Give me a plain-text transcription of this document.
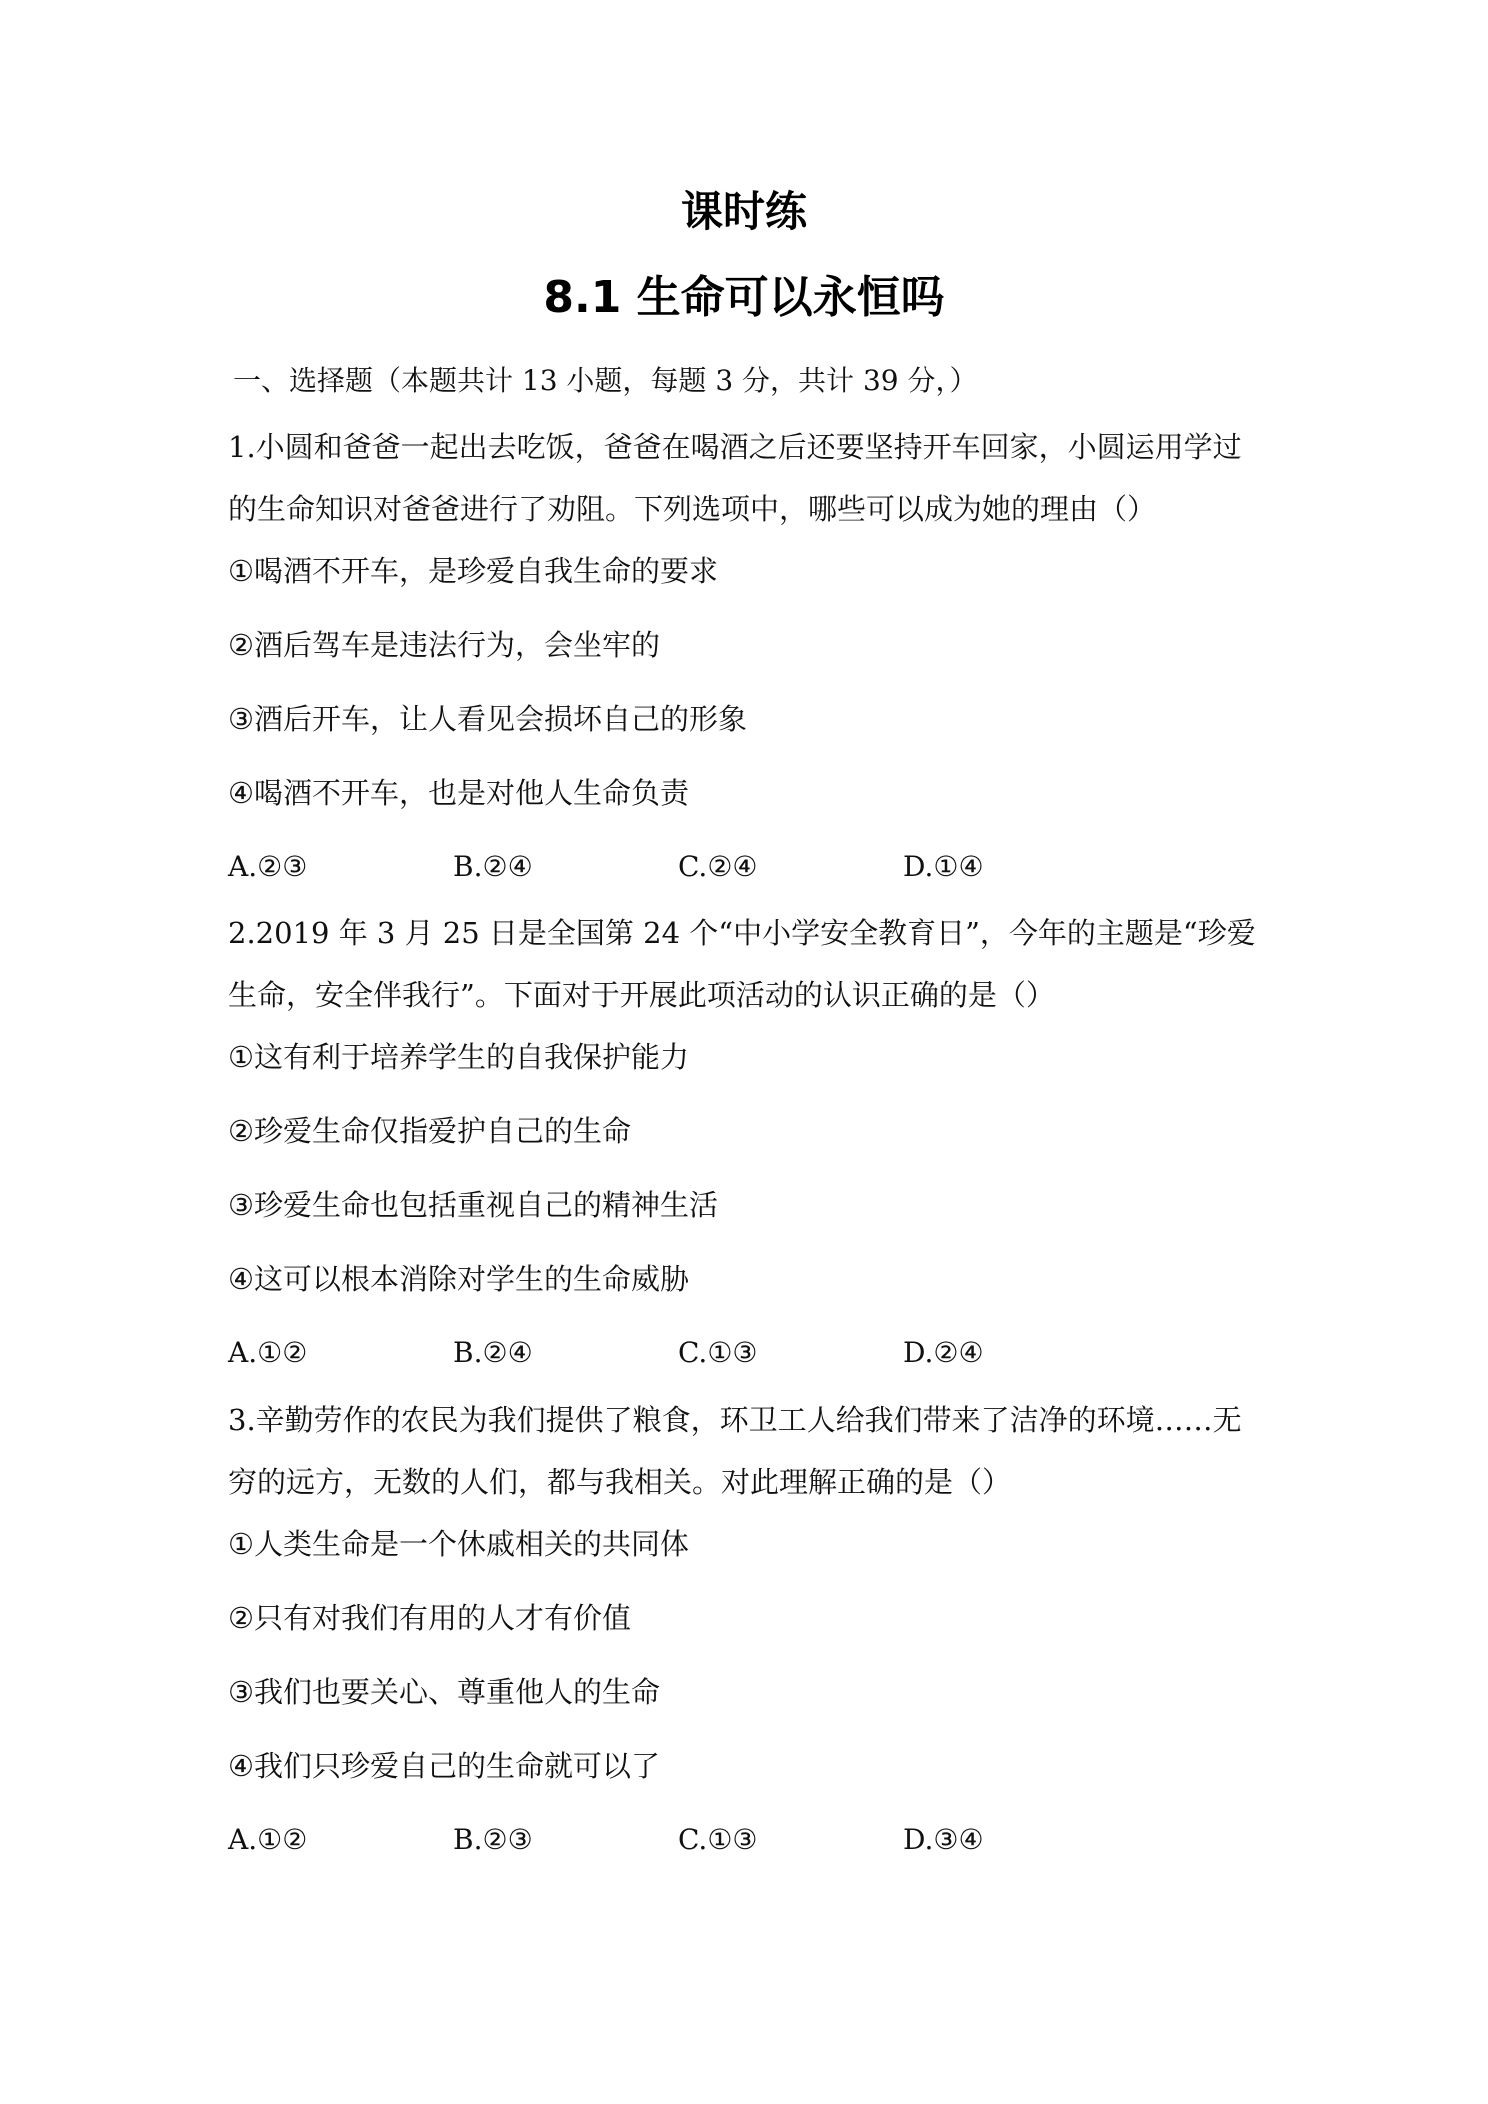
课时练
8.1 生命可以永恒吗
一、选择题（本题共计 13 小题，每题 3 分，共计 39 分，）

1.小圆和爸爸一起出去吃饭，爸爸在喝酒之后还要坚持开车回家，小圆运用学过的生命知识对爸爸进行了劝阻。下列选项中，哪些可以成为她的理由（）

① 喝酒不开车，是珍爱自我生命的要求
② 酒后驾车是违法行为，会坐牢的
③ 酒后开车，让人看见会损坏自己的形象
④ 喝酒不开车，也是对他人生命负责
A.②③	B.②④	C.②④	D.①④

2.2019 年 3 月 25 日是全国第 24 个“中小学安全教育日”，今年的主题是“珍爱生命，安全伴我行”。下面对于开展此项活动的认识正确的是（）

① 这有利于培养学生的自我保护能力
② 珍爱生命仅指爱护自己的生命
③ 珍爱生命也包括重视自己的精神生活
④ 这可以根本消除对学生的生命威胁
A.①②	B.②④	C.①③	D.②④

3.辛勤劳作的农民为我们提供了粮食，环卫工人给我们带来了洁净的环境……无穷的远方，无数的人们，都与我相关。对此理解正确的是（）

① 人类生命是一个休戚相关的共同体
② 只有对我们有用的人才有价值
③ 我们也要关心、尊重他人的生命
④ 我们只珍爱自己的生命就可以了
A.①②	B.②③	C.①③	D.③④
